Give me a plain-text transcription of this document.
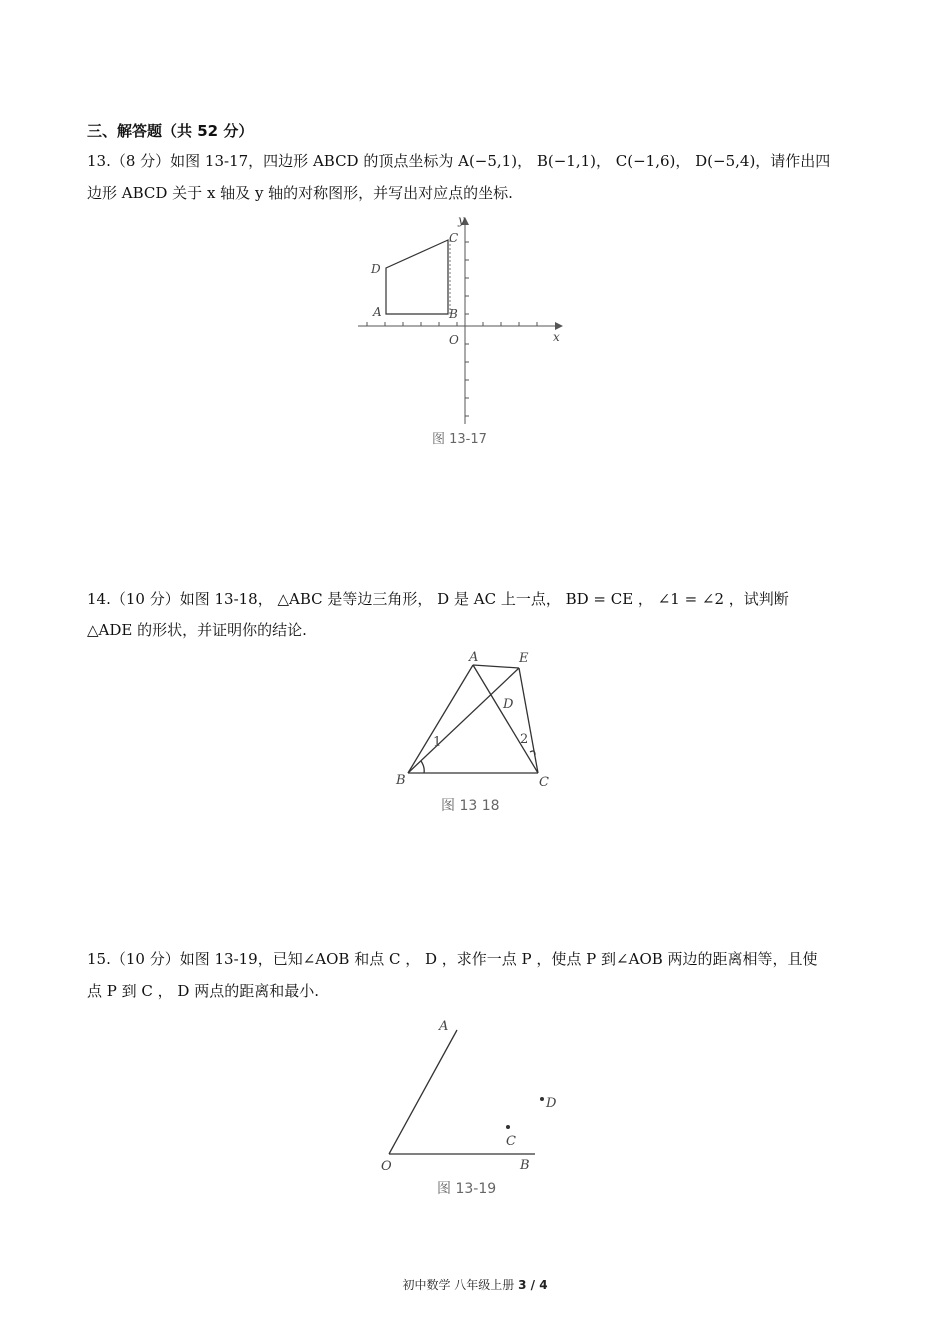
三、解答题（共 52 分）
13.（8 分）如图 13-17，四边形 ABCD 的顶点坐标为 A(−5,1)， B(−1,1)， C(−1,6)， D(−5,4)，请作出四
边形 ABCD 关于 x 轴及 y 轴的对称图形，并写出对应点的坐标.
A	B
C
D
O	x
y
图 13-17
14.（10 分）如图 13-18， △ABC 是等边三角形， D 是 AC 上一点， BD = CE ， ∠1 = ∠2 ，试判断
△ADE 的形状，并证明你的结论.
A	E
D
B	C
1	2
图 13 18
15.（10 分）如图 13-19，已知∠AOB 和点 C ， D ，求作一点 P ，使点 P 到∠AOB 两边的距离相等，且使
点 P 到 C ， D 两点的距离和最小.
A
D
C
O	B
图 13-19
初中数学 八年级上册 3 / 4
